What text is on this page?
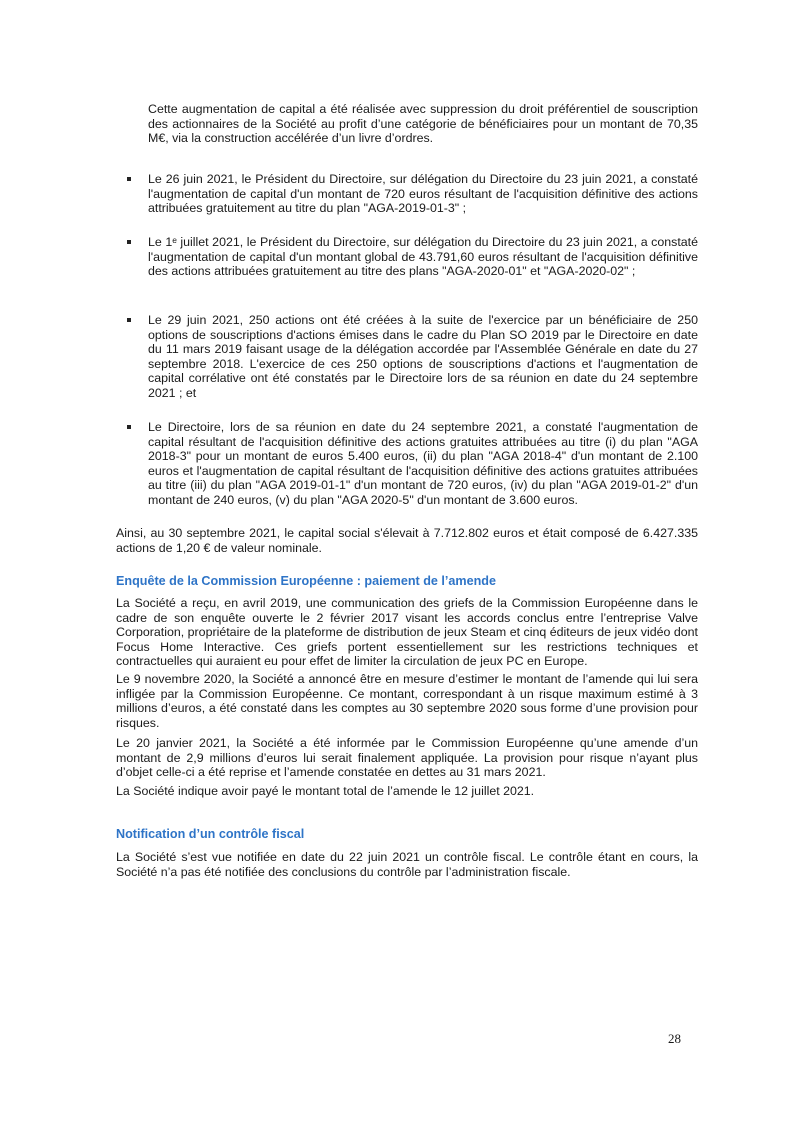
Cette augmentation de capital a été réalisée avec suppression du droit préférentiel de souscription des actionnaires de la Société au profit d’une catégorie de bénéficiaires pour un montant de 70,35 M€, via la construction accélérée d’un livre d’ordres.

Le 26 juin 2021, le Président du Directoire, sur délégation du Directoire du 23 juin 2021, a constaté l'augmentation de capital d'un montant de 720 euros résultant de l'acquisition définitive des actions attribuées gratuitement au titre du plan "AGA-2019-01-3" ;

Le 1ᵉ juillet 2021, le Président du Directoire, sur délégation du Directoire du 23 juin 2021, a constaté l'augmentation de capital d'un montant global de 43.791,60 euros résultant de l'acquisition définitive des actions attribuées gratuitement au titre des plans "AGA-2020-01" et "AGA-2020-02" ;

Le 29 juin 2021, 250 actions ont été créées à la suite de l'exercice par un bénéficiaire de 250 options de souscriptions d'actions émises dans le cadre du Plan SO 2019 par le Directoire en date du 11 mars 2019 faisant usage de la délégation accordée par l'Assemblée Générale en date du 27 septembre 2018. L'exercice de ces 250 options de souscriptions d'actions et l'augmentation de capital corrélative ont été constatés par le Directoire lors de sa réunion en date du 24 septembre 2021 ; et

Le Directoire, lors de sa réunion en date du 24 septembre 2021, a constaté l'augmentation de capital résultant de l'acquisition définitive des actions gratuites attribuées au titre (i) du plan "AGA 2018-3" pour un montant de euros 5.400 euros, (ii) du plan "AGA 2018-4" d'un montant de 2.100 euros et l'augmentation de capital résultant de l'acquisition définitive des actions gratuites attribuées au titre (iii) du plan "AGA 2019-01-1" d'un montant de 720 euros, (iv) du plan "AGA 2019-01-2" d'un montant de 240 euros, (v) du plan "AGA 2020-5" d'un montant de 3.600 euros.

Ainsi, au 30 septembre 2021, le capital social s'élevait à 7.712.802 euros et était composé de 6.427.335 actions de 1,20 € de valeur nominale.

Enquête de la Commission Européenne : paiement de l’amende

La Société a reçu, en avril 2019, une communication des griefs de la Commission Européenne dans le cadre de son enquête ouverte le 2 février 2017 visant les accords conclus entre l’entreprise Valve Corporation, propriétaire de la plateforme de distribution de jeux Steam et cinq éditeurs de jeux vidéo dont Focus Home Interactive. Ces griefs portent essentiellement sur les restrictions techniques et contractuelles qui auraient eu pour effet de limiter la circulation de jeux PC en Europe.

Le 9 novembre 2020, la Société a annoncé être en mesure d’estimer le montant de l’amende qui lui sera infligée par la Commission Européenne. Ce montant, correspondant à un risque maximum estimé à 3 millions d’euros, a été constaté dans les comptes au 30 septembre 2020 sous forme d’une provision pour risques.

Le 20 janvier 2021, la Société a été informée par le Commission Européenne qu’une amende d’un montant de 2,9 millions d’euros lui serait finalement appliquée. La provision pour risque n’ayant plus d’objet celle-ci a été reprise et l’amende constatée en dettes au 31 mars 2021.

La Société indique avoir payé le montant total de l’amende le 12 juillet 2021.

Notification d’un contrôle fiscal

La Société s’est vue notifiée en date du 22 juin 2021 un contrôle fiscal. Le contrôle étant en cours, la Société n’a pas été notifiée des conclusions du contrôle par l’administration fiscale.

28
